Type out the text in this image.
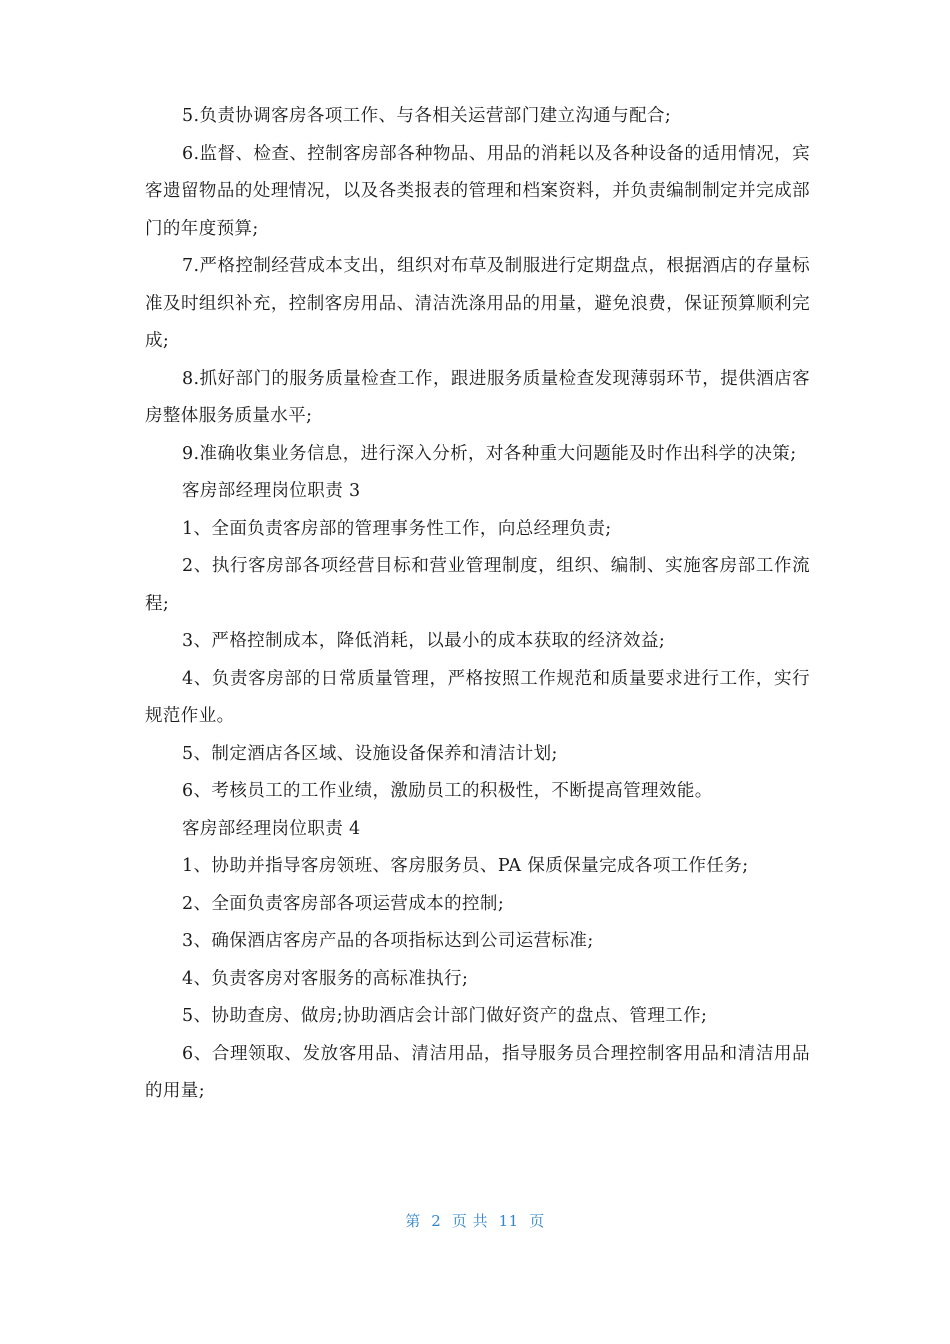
5.负责协调客房各项工作、与各相关运营部门建立沟通与配合;

6.监督、检查、控制客房部各种物品、用品的消耗以及各种设备的适用情况，宾客遗留物品的处理情况，以及各类报表的管理和档案资料，并负责编制制定并完成部门的年度预算;

7.严格控制经营成本支出，组织对布草及制服进行定期盘点，根据酒店的存量标准及时组织补充，控制客房用品、清洁洗涤用品的用量，避免浪费，保证预算顺利完成;

8.抓好部门的服务质量检查工作，跟进服务质量检查发现薄弱环节，提供酒店客房整体服务质量水平;

9.准确收集业务信息，进行深入分析，对各种重大问题能及时作出科学的决策;

客房部经理岗位职责 3

1、全面负责客房部的管理事务性工作，向总经理负责;

2、执行客房部各项经营目标和营业管理制度，组织、编制、实施客房部工作流程;

3、严格控制成本，降低消耗，以最小的成本获取的经济效益;

4、负责客房部的日常质量管理，严格按照工作规范和质量要求进行工作，实行规范作业。

5、制定酒店各区域、设施设备保养和清洁计划;

6、考核员工的工作业绩，激励员工的积极性，不断提高管理效能。

客房部经理岗位职责 4

1、协助并指导客房领班、客房服务员、PA 保质保量完成各项工作任务;

2、全面负责客房部各项运营成本的控制;

3、确保酒店客房产品的各项指标达到公司运营标准;

4、负责客房对客服务的高标准执行;

5、协助查房、做房;协助酒店会计部门做好资产的盘点、管理工作;

6、合理领取、发放客用品、清洁用品，指导服务员合理控制客用品和清洁用品的用量;

第  2  页 共  11  页
